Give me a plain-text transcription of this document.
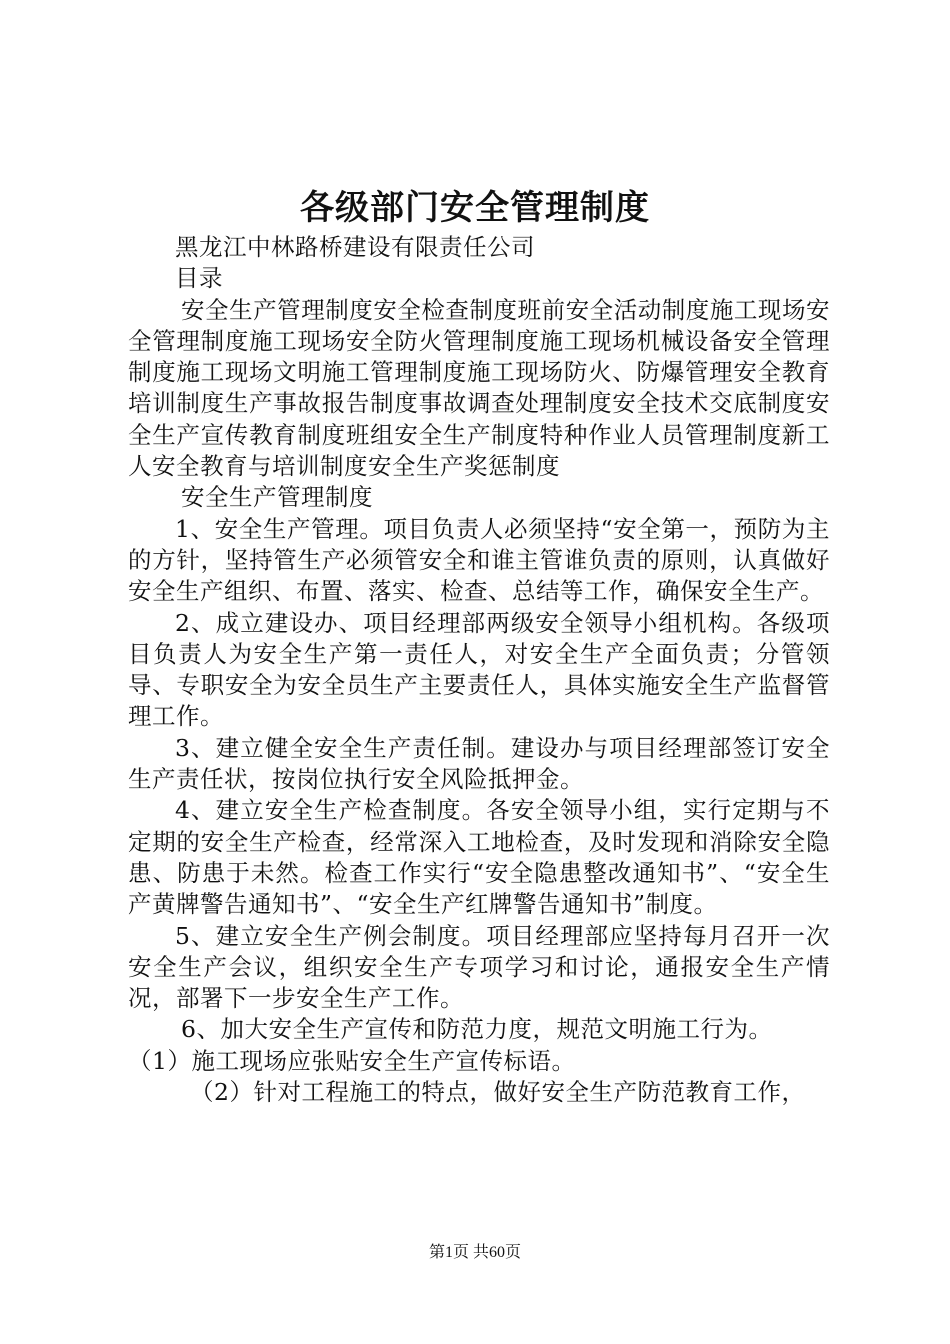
各级部门安全管理制度

黑龙江中林路桥建设有限责任公司

目录

安全生产管理制度安全检查制度班前安全活动制度施工现场安全管理制度施工现场安全防火管理制度施工现场机械设备安全管理制度施工现场文明施工管理制度施工现场防火、防爆管理安全教育培训制度生产事故报告制度事故调查处理制度安全技术交底制度安全生产宣传教育制度班组安全生产制度特种作业人员管理制度新工人安全教育与培训制度安全生产奖惩制度

安全生产管理制度

1、安全生产管理。项目负责人必须坚持“安全第一，预防为主的方针，坚持管生产必须管安全和谁主管谁负责的原则，认真做好安全生产组织、布置、落实、检查、总结等工作，确保安全生产。

2、成立建设办、项目经理部两级安全领导小组机构。各级项目负责人为安全生产第一责任人，对安全生产全面负责；分管领导、专职安全为安全员生产主要责任人，具体实施安全生产监督管理工作。

3、建立健全安全生产责任制。建设办与项目经理部签订安全生产责任状，按岗位执行安全风险抵押金。

4、建立安全生产检查制度。各安全领导小组，实行定期与不定期的安全生产检查，经常深入工地检查，及时发现和消除安全隐患、防患于未然。检查工作实行“安全隐患整改通知书”、“安全生产黄牌警告通知书”、“安全生产红牌警告通知书”制度。

5、建立安全生产例会制度。项目经理部应坚持每月召开一次安全生产会议，组织安全生产专项学习和讨论，通报安全生产情况，部署下一步安全生产工作。

6、加大安全生产宣传和防范力度，规范文明施工行为。

（1）施工现场应张贴安全生产宣传标语。

（2）针对工程施工的特点，做好安全生产防范教育工作，

第1页 共60页
